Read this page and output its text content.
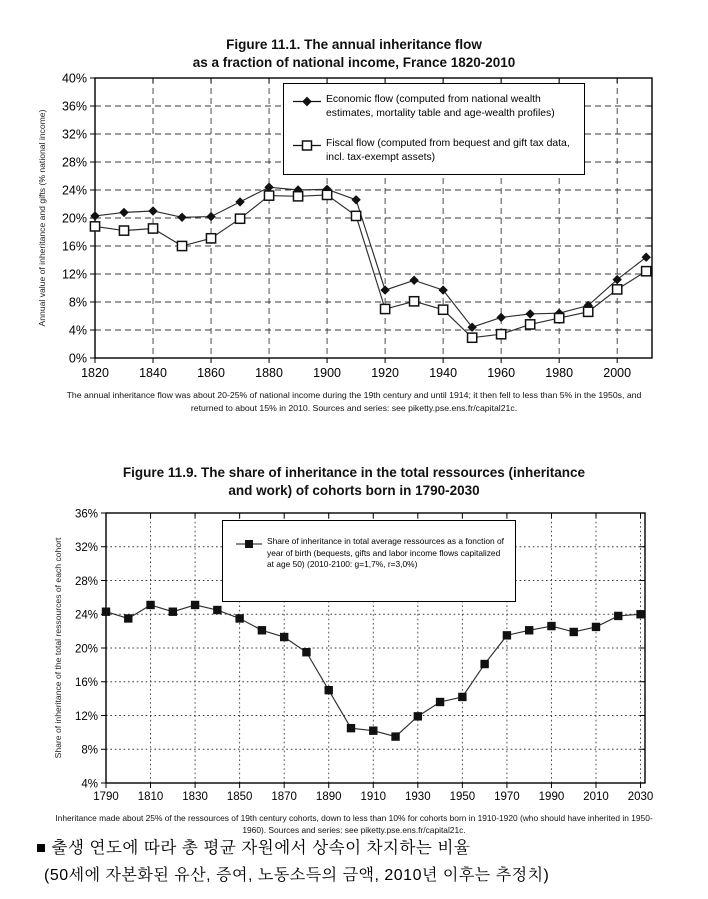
Figure 11.1. The annual inheritance flow
as a fraction of national income, France 1820-2010
1820 1840 1860 1880 1900 1920 1940 1960 1980 2000
40%
36%
32%
28%
24%
20%
16%
12%
8%
4%
0%
Annual value of inheritance and gifts (% national income)
Economic flow (computed from national wealth estimates, mortality table and age-wealth profiles)
Fiscal flow (computed from bequest and gift tax data, incl. tax-exempt assets)
The annual inheritance flow was about 20-25% of national income during the 19th century and until 1914; it then fell to less than 5% in the 1950s, and returned to about 15% in 2010. Sources and series: see piketty.pse.ens.fr/capital21c.
Figure 11.9. The share of inheritance in the total ressources (inheritance
and work) of cohorts born in 1790-2030
1790 1810 1830 1850 1870 1890 1910 1930 1950 1970 1990 2010 2030
36%
32%
28%
24%
20%
16%
12%
8%
4%
Share of inheritance of the total ressources of each cohort	Share of inheritance in total average ressources as a fonction of year of birth (bequests, gifts and labor income flows capitalized at age 50) (2010-2100: g=1,7%, r=3,0%)
Inheritance made about 25% of the ressources of 19th century cohorts, down to less than 10% for cohorts born in 1910-1920 (who should have inherited in 1950-1960). Sources and series: see piketty.pse.ens.fr/capital21c.
■ 출생 연도에 따라 총 평균 자원에서 상속이 차지하는 비율
(50세에 자본화된 유산, 증여, 노동소득의 금액, 2010년 이후는 추정치)
